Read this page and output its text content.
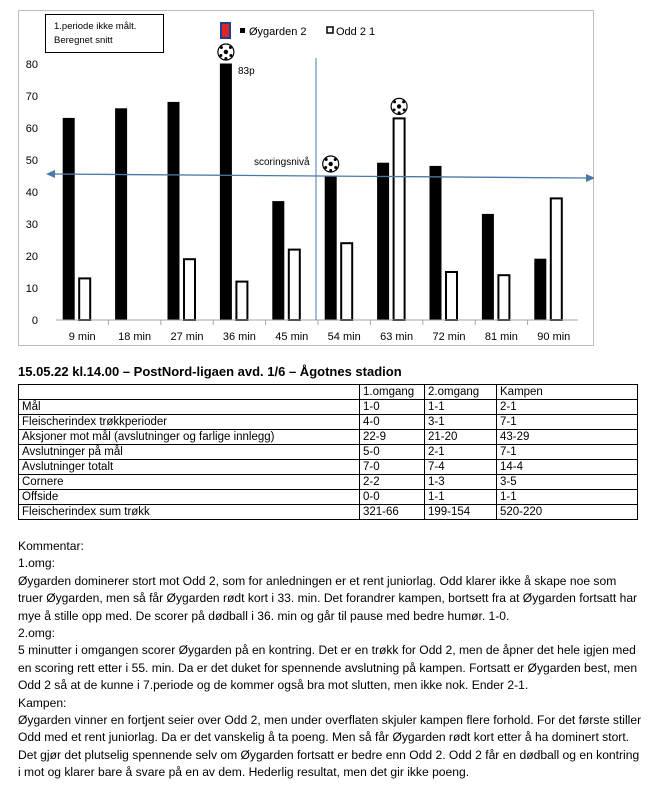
0
10
20
30
40
50
60
70
80
9 min 18 min 27 min 36 min 45 min 54 min 63 min 72 min 81 min 90 min
scoringsnivå
83p
1.periode ikke målt.
Beregnet snitt
Øygarden 2	Odd 2 1
15.05.22 kl.14.00 – PostNord-ligaen avd. 1/6 – Ågotnes stadion
	1.omgang	2.omgang	Kampen
Mål	1-0	1-1	2-1
Fleischerindex trøkkperioder	4-0	3-1	7-1
Aksjoner mot mål (avslutninger og farlige innlegg)	22-9	21-20	43-29
Avslutninger på mål	5-0	2-1	7-1
Avslutninger totalt	7-0	7-4	14-4
Cornere	2-2	1-3	3-5
Offside	0-0	1-1	1-1
Fleischerindex sum trøkk	321-66	199-154	520-220

Kommentar:

1.omg:

Øygarden dominerer stort mot Odd 2, som for anledningen er et rent juniorlag. Odd klarer ikke å skape noe som truer Øygarden, men så får Øygarden rødt kort i 33. min. Det forandrer kampen, bortsett fra at Øygarden fortsatt har mye å stille opp med. De scorer på dødball i 36. min og går til pause med bedre humør. 1-0.

2.omg:

5 minutter i omgangen scorer Øygarden på en kontring. Det er en trøkk for Odd 2, men de åpner det hele igjen med en scoring rett etter i 55. min. Da er det duket for spennende avslutning på kampen. Fortsatt er Øygarden best, men Odd 2 så at de kunne i 7.periode og de kommer også bra mot slutten, men ikke nok. Ender 2-1.

Kampen:

Øygarden vinner en fortjent seier over Odd 2, men under overflaten skjuler kampen flere forhold. For det første stiller Odd med et rent juniorlag. Da er det vanskelig å ta poeng. Men så får Øygarden rødt kort etter å ha dominert stort. Det gjør det plutselig spennende selv om Øygarden fortsatt er bedre enn Odd 2. Odd 2 får en dødball og en kontring i mot og klarer bare å svare på en av dem. Hederlig resultat, men det gir ikke poeng.
